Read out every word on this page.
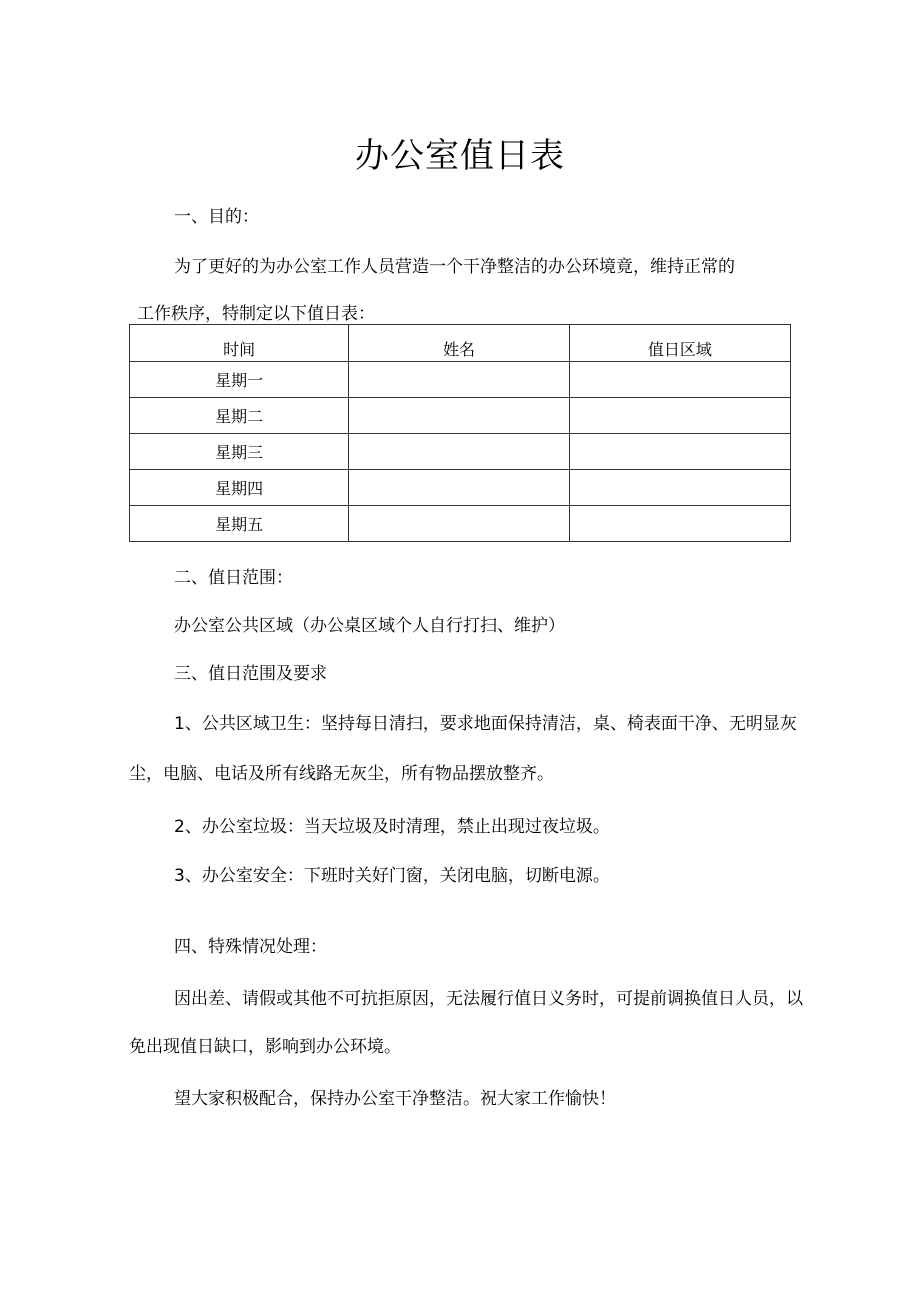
办公室值日表
一、目的：
为了更好的为办公室工作人员营造一个干净整洁的办公环境竟，维持正常的
工作秩序，特制定以下值日表：
时间	姓名	值日区域
星期一		
星期二		
星期三		
星期四		
星期五		
二、值日范围：
办公室公共区域（办公桌区域个人自行打扫、维护）
三、值日范围及要求
1、公共区域卫生：坚持每日清扫，要求地面保持清洁，桌、椅表面干净、无明显灰
尘，电脑、电话及所有线路无灰尘，所有物品摆放整齐。
2、办公室垃圾：当天垃圾及时清理，禁止出现过夜垃圾。
3、办公室安全：下班时关好门窗，关闭电脑，切断电源。
四、特殊情况处理：
因出差、请假或其他不可抗拒原因，无法履行值日义务时，可提前调换值日人员，以
免出现值日缺口，影响到办公环境。
望大家积极配合，保持办公室干净整洁。祝大家工作愉快！
